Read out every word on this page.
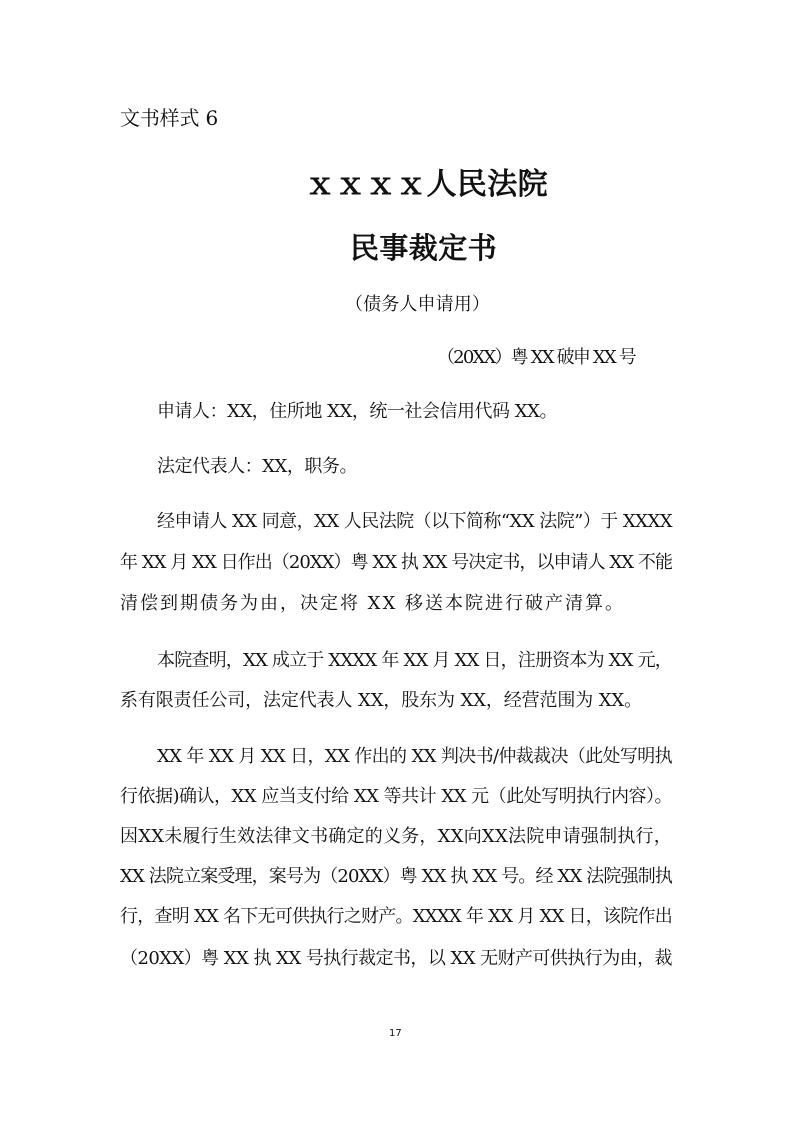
文书样式 6
ｘｘｘｘ人民法院
民事裁定书
（债务人申请用）
（20XX）粤 XX 破申 XX 号
申请人：XX，住所地 XX，统一社会信用代码 XX。
法定代表人：XX，职务。
经申请人 XX 同意，XX 人民法院（以下简称“XX 法院”）于 XXXX
年 XX 月 XX 日作出（20XX）粤 XX 执 XX 号决定书，以申请人 XX 不能
清偿到期债务为由，决定将 XX 移送本院进行破产清算。
本院查明，XX 成立于 XXXX 年 XX 月 XX 日，注册资本为 XX 元，
系有限责任公司，法定代表人 XX，股东为 XX，经营范围为 XX。
XX 年 XX 月 XX 日，XX 作出的 XX 判决书/仲裁裁决（此处写明执
行依据)确认，XX 应当支付给 XX 等共计 XX 元（此处写明执行内容）。
因XX未履行生效法律文书确定的义务，XX向XX法院申请强制执行，
XX 法院立案受理，案号为（20XX）粤 XX 执 XX 号。经 XX 法院强制执
行，查明 XX 名下无可供执行之财产。XXXX 年 XX 月 XX 日，该院作出
（20XX）粤 XX 执 XX 号执行裁定书，以 XX 无财产可供执行为由，裁
17
